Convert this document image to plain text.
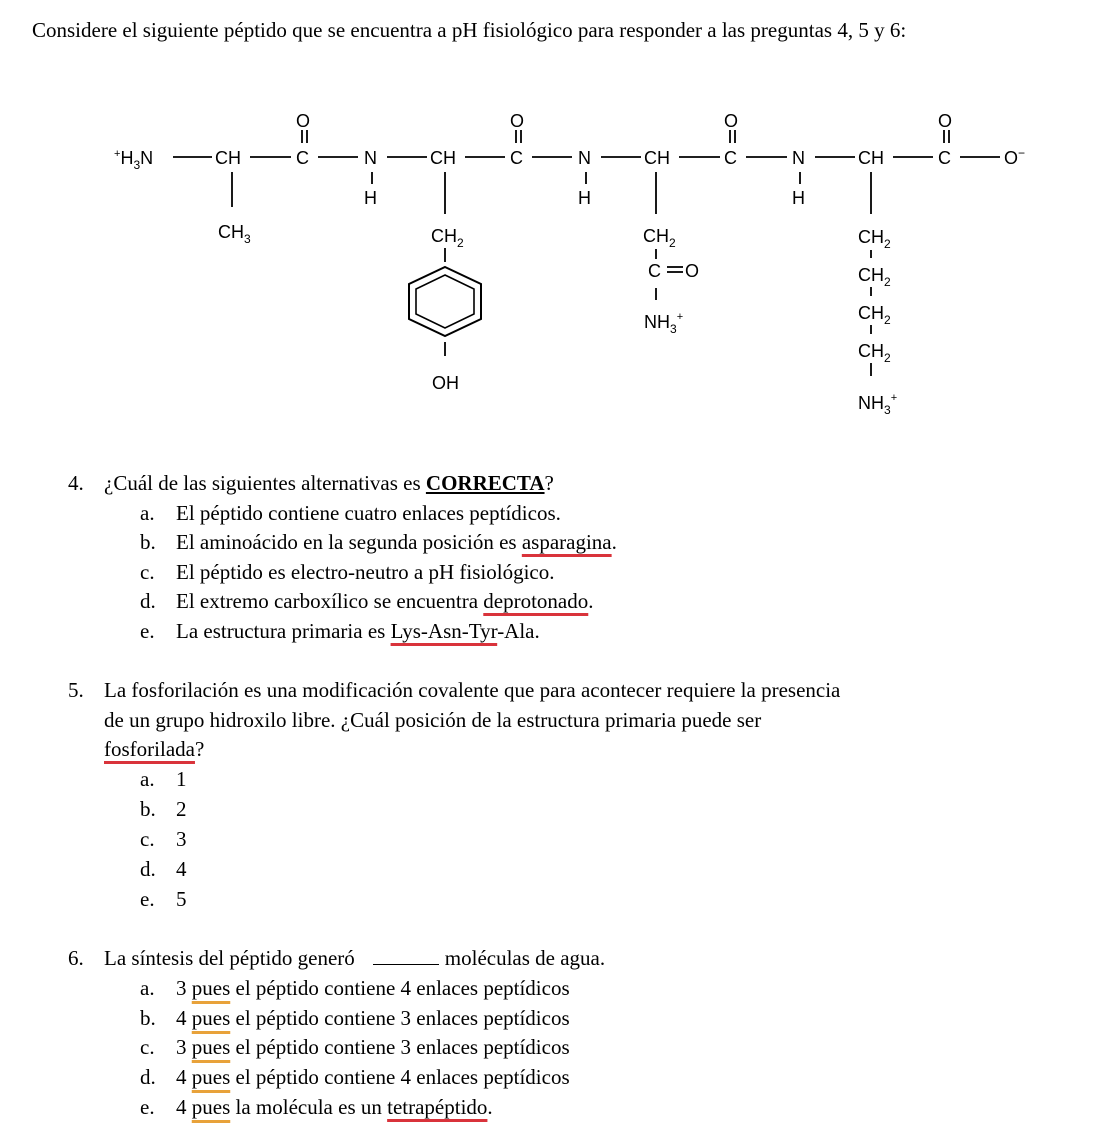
Considere el siguiente péptido que se encuentra a pH fisiológico para responder a las preguntas 4, 5 y 6:

$^+H_3N$	CH	C
O
N
H
CH	C
O
N
H
CH	C
O
N
H
CH	C
O
O−
$CH_3$	$CH_2$
OH
$CH_2$
C O
$NH_3^+$
$CH_2$
$CH_2$
$CH_2$
$CH_2$
$NH_3^+$
4. ¿Cuál de las siguientes alternativas es CORRECTA?
a. El péptido contiene cuatro enlaces peptídicos.
b. El aminoácido en la segunda posición es asparagina.
c. El péptido es electro-neutro a pH fisiológico.
d. El extremo carboxílico se encuentra deprotonado.
e. La estructura primaria es Lys-Asn-Tyr-Ala.
5. La fosforilación es una modificación covalente que para acontecer requiere la presencia
de un grupo hidroxilo libre. ¿Cuál posición de la estructura primaria puede ser
fosforilada?
a. 1
b. 2
c. 3
d. 4
e. 5
6. La síntesis del péptido generó	moléculas de agua.
a. 3 pues el péptido contiene 4 enlaces peptídicos
b. 4 pues el péptido contiene 3 enlaces peptídicos
c. 3 pues el péptido contiene 3 enlaces peptídicos
d. 4 pues el péptido contiene 4 enlaces peptídicos
e. 4 pues la molécula es un tetrapéptido.
